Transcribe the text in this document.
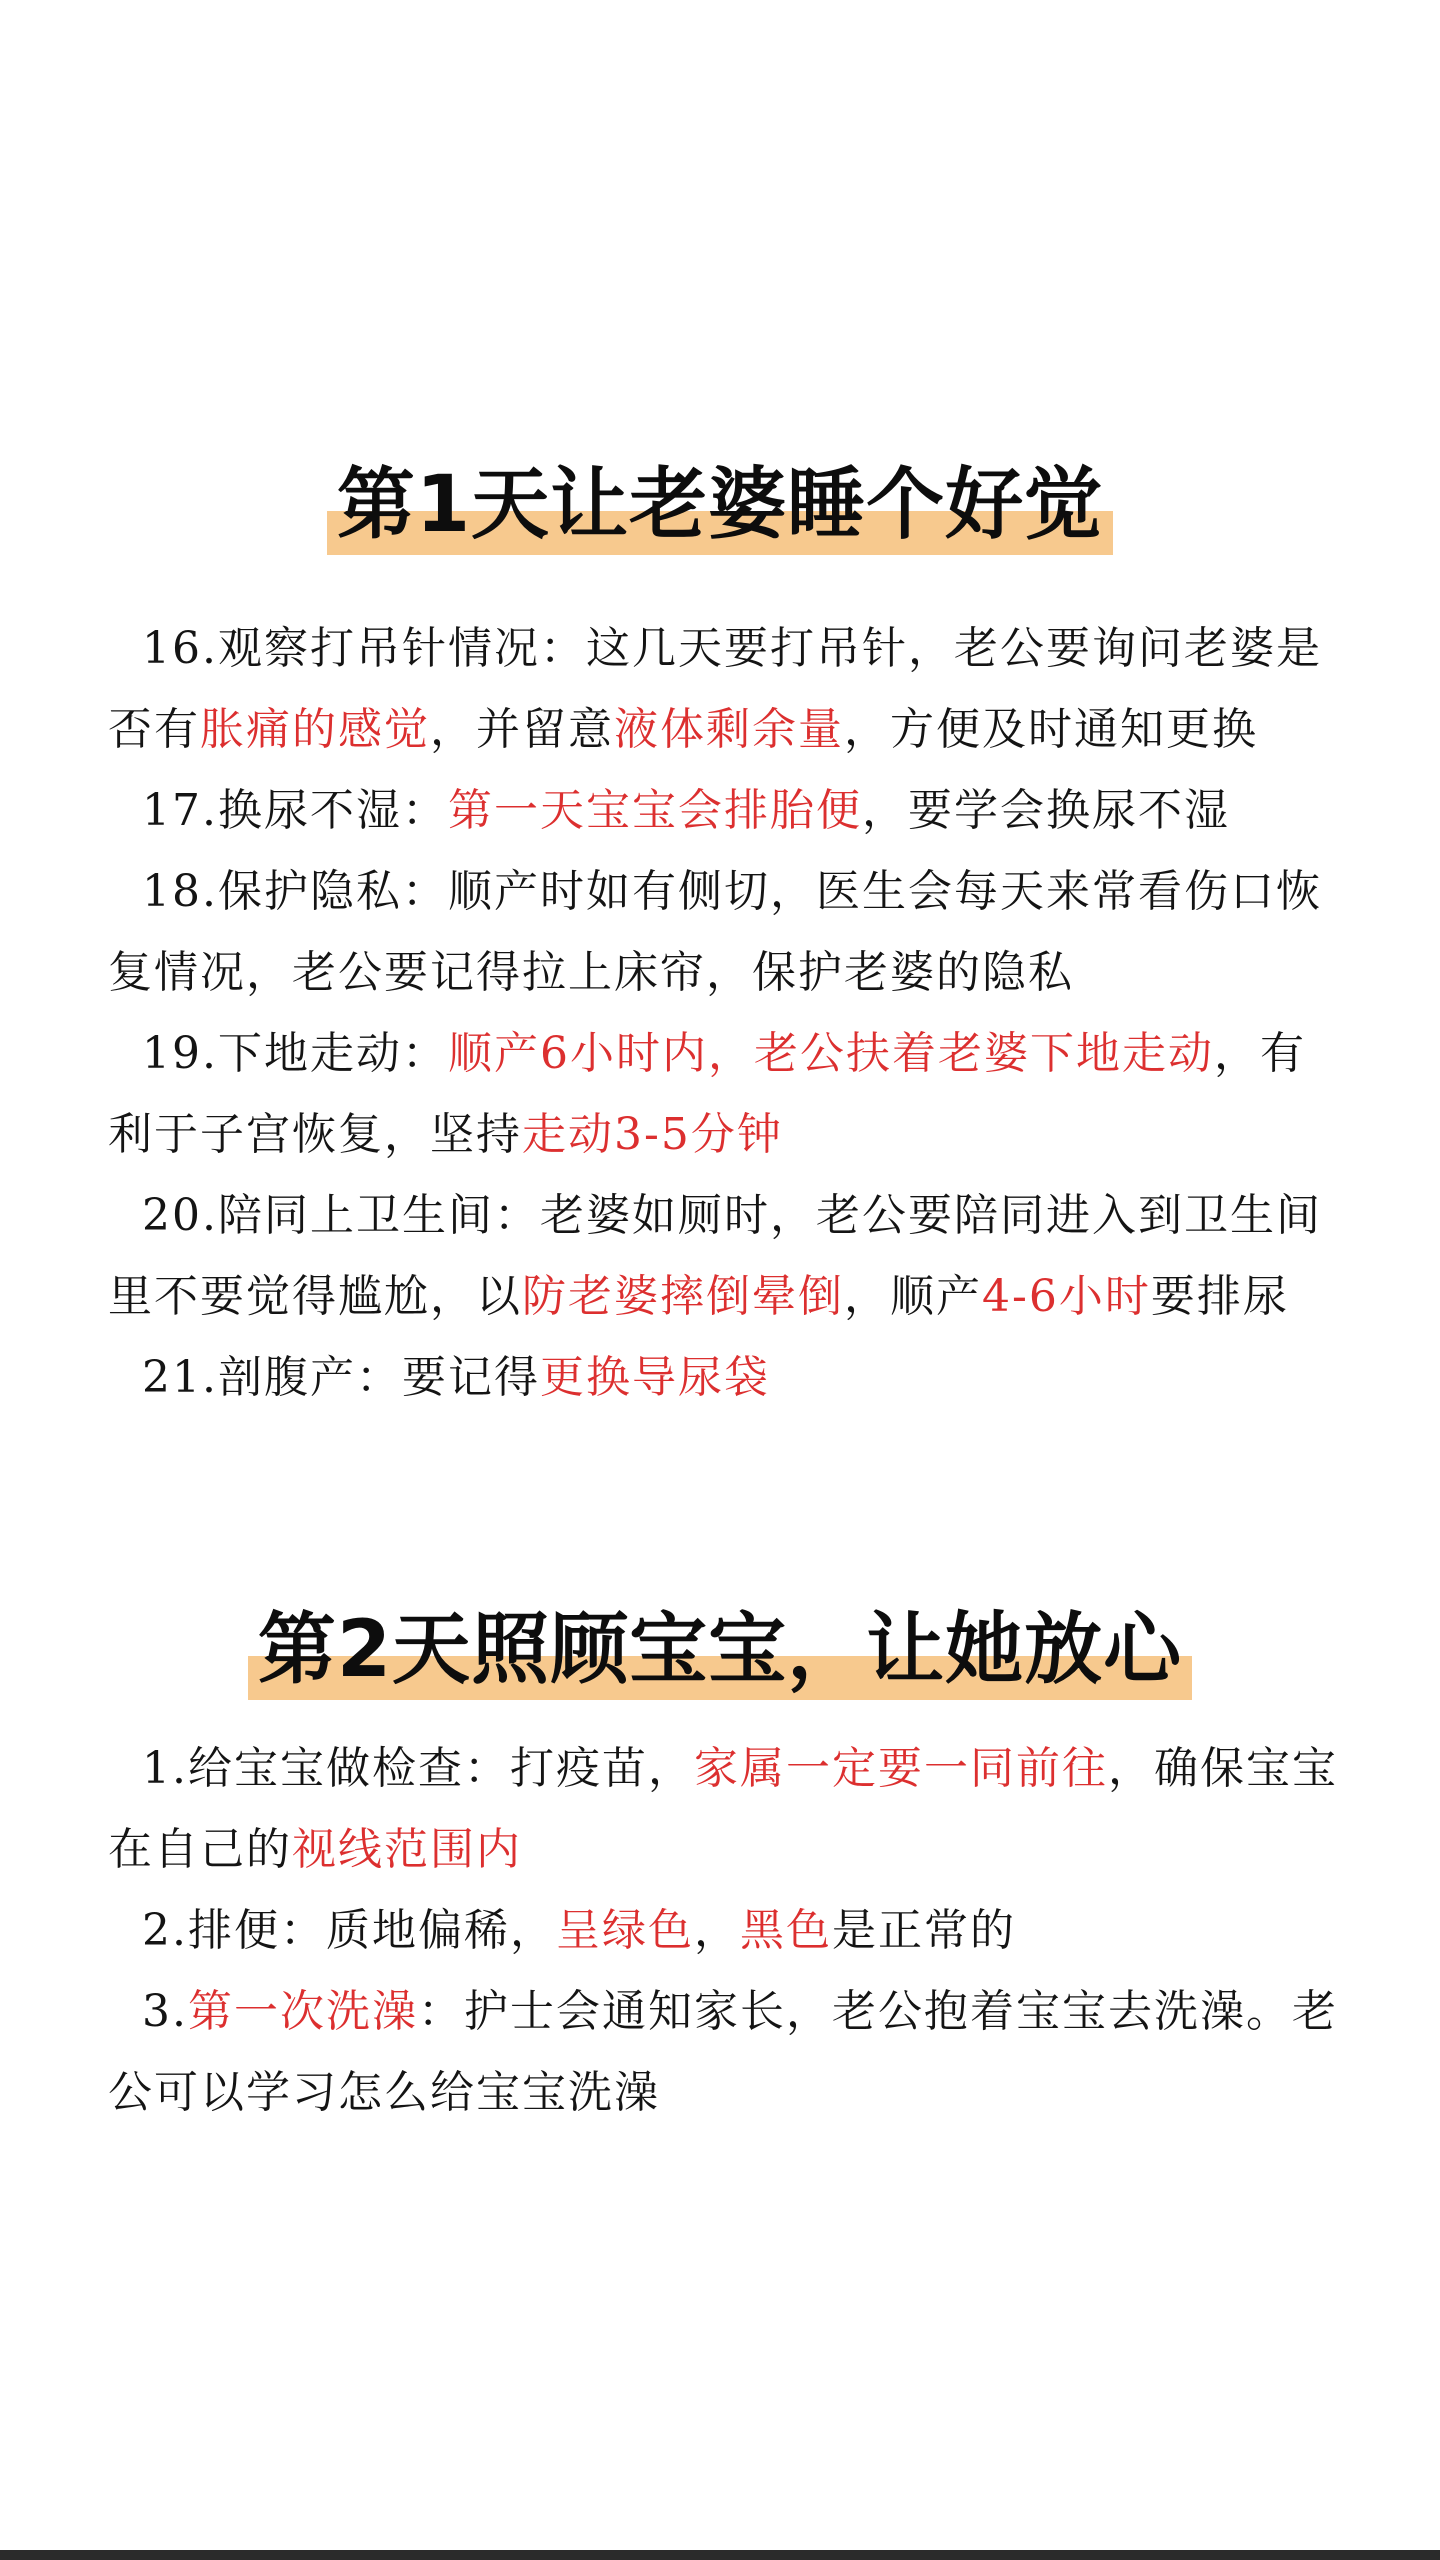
第1天让老婆睡个好觉

16.观察打吊针情况：这几天要打吊针，老公要询问老婆是否有胀痛的感觉，并留意液体剩余量，方便及时通知更换

17.换尿不湿：第一天宝宝会排胎便，要学会换尿不湿

18.保护隐私：顺产时如有侧切，医生会每天来常看伤口恢复情况，老公要记得拉上床帘，保护老婆的隐私

19.下地走动：顺产6小时内，老公扶着老婆下地走动，有利于子宫恢复，坚持走动3-5分钟

20.陪同上卫生间：老婆如厕时，老公要陪同进入到卫生间里不要觉得尴尬，以防老婆摔倒晕倒，顺产4-6小时要排尿

21.剖腹产：要记得更换导尿袋

第2天照顾宝宝，让她放心

1.给宝宝做检查：打疫苗，家属一定要一同前往，确保宝宝在自己的视线范围内

2.排便：质地偏稀，呈绿色，黑色是正常的

3.第一次洗澡：护士会通知家长，老公抱着宝宝去洗澡。老公可以学习怎么给宝宝洗澡
